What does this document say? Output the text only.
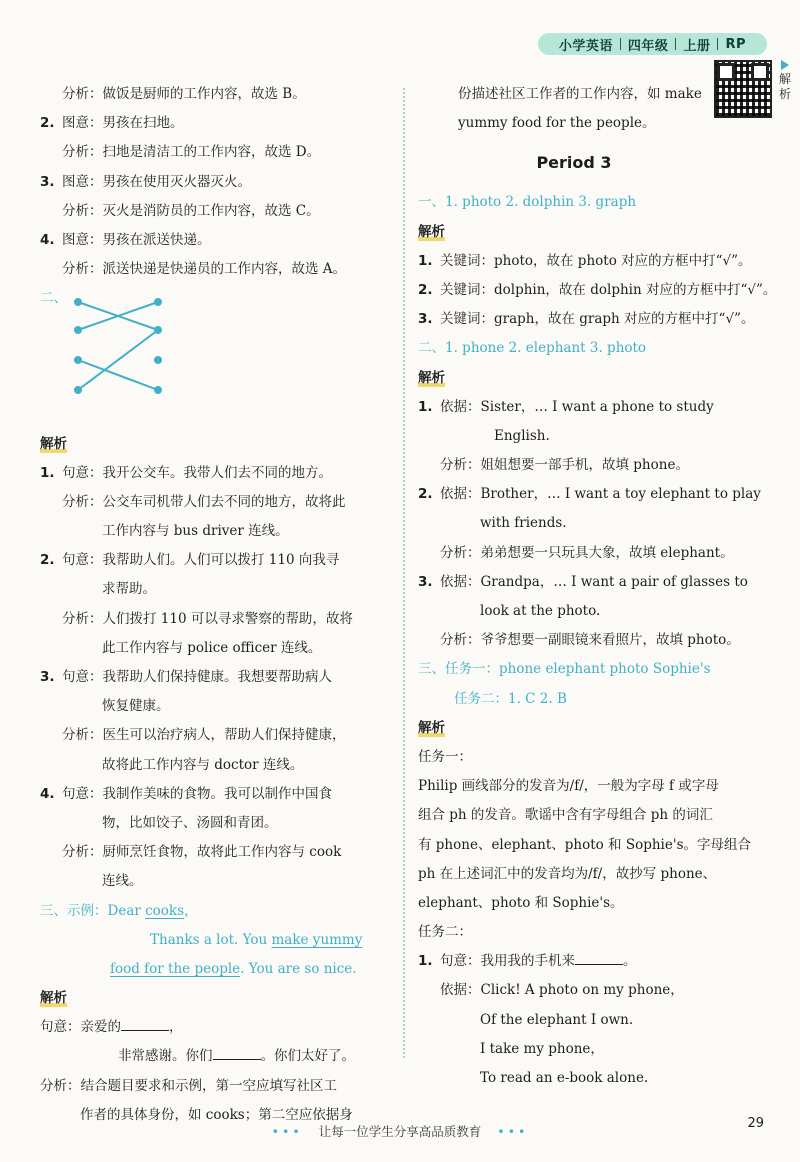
小学英语 四年级 上册 RP
分析：做饭是厨师的工作内容，故选 B。
2. 图意：男孩在扫地。
分析：扫地是清洁工的工作内容，故选 D。
3. 图意：男孩在使用灭火器灭火。
分析：灭火是消防员的工作内容，故选 C。
4. 图意：男孩在派送快递。
分析：派送快递是快递员的工作内容，故选 A。
二、
解析
1. 句意：我开公交车。我带人们去不同的地方。
分析：公交车司机带人们去不同的地方，故将此
工作内容与 bus driver 连线。
2. 句意：我帮助人们。人们可以拨打 110 向我寻
求帮助。
分析：人们拨打 110 可以寻求警察的帮助，故将
此工作内容与 police officer 连线。
3. 句意：我帮助人们保持健康。我想要帮助病人
恢复健康。
分析：医生可以治疗病人，帮助人们保持健康，
故将此工作内容与 doctor 连线。
4. 句意：我制作美味的食物。我可以制作中国食
物，比如饺子、汤圆和青团。
分析：厨师烹饪食物，故将此工作内容与 cook
连线。
三、示例：Dear cooks，
Thanks a lot. You make yummy
food for the people. You are so nice.
解析
句意：亲爱的	，
非常感谢。你们	。你们太好了。
分析：结合题目要求和示例，第一空应填写社区工
作者的具体身份，如 cooks；第二空应依据身
份描述社区工作者的工作内容，如 make
yummy food for the people。
Period 3
一、1. photo 2. dolphin 3. graph
解析
1. 关键词：photo，故在 photo 对应的方框中打“√”。
2. 关键词：dolphin，故在 dolphin 对应的方框中打“√”。
3. 关键词：graph，故在 graph 对应的方框中打“√”。
二、1. phone 2. elephant 3. photo
解析
1. 依据：Sister，… I want a phone to study
English.
分析：姐姐想要一部手机，故填 phone。
2. 依据：Brother，… I want a toy elephant to play
with friends.
分析：弟弟想要一只玩具大象，故填 elephant。
3. 依据：Grandpa，… I want a pair of glasses to
look at the photo.
分析：爷爷想要一副眼镜来看照片，故填 photo。
三、任务一：phone elephant photo Sophie's
任务二：1. C 2. B
解析
任务一：
Philip 画线部分的发音为/f/，一般为字母 f 或字母
组合 ph 的发音。歌谣中含有字母组合 ph 的词汇
有 phone、elephant、photo 和 Sophie's。字母组合
ph 在上述词汇中的发音均为/f/，故抄写 phone、
elephant、photo 和 Sophie's。
任务二：
1. 句意：我用我的手机来	。
依据：Click! A photo on my phone，
Of the elephant I own.
I take my phone，
To read an e-book alone.
解
析
••• 让每一位学生分享高品质教育 •••
29
